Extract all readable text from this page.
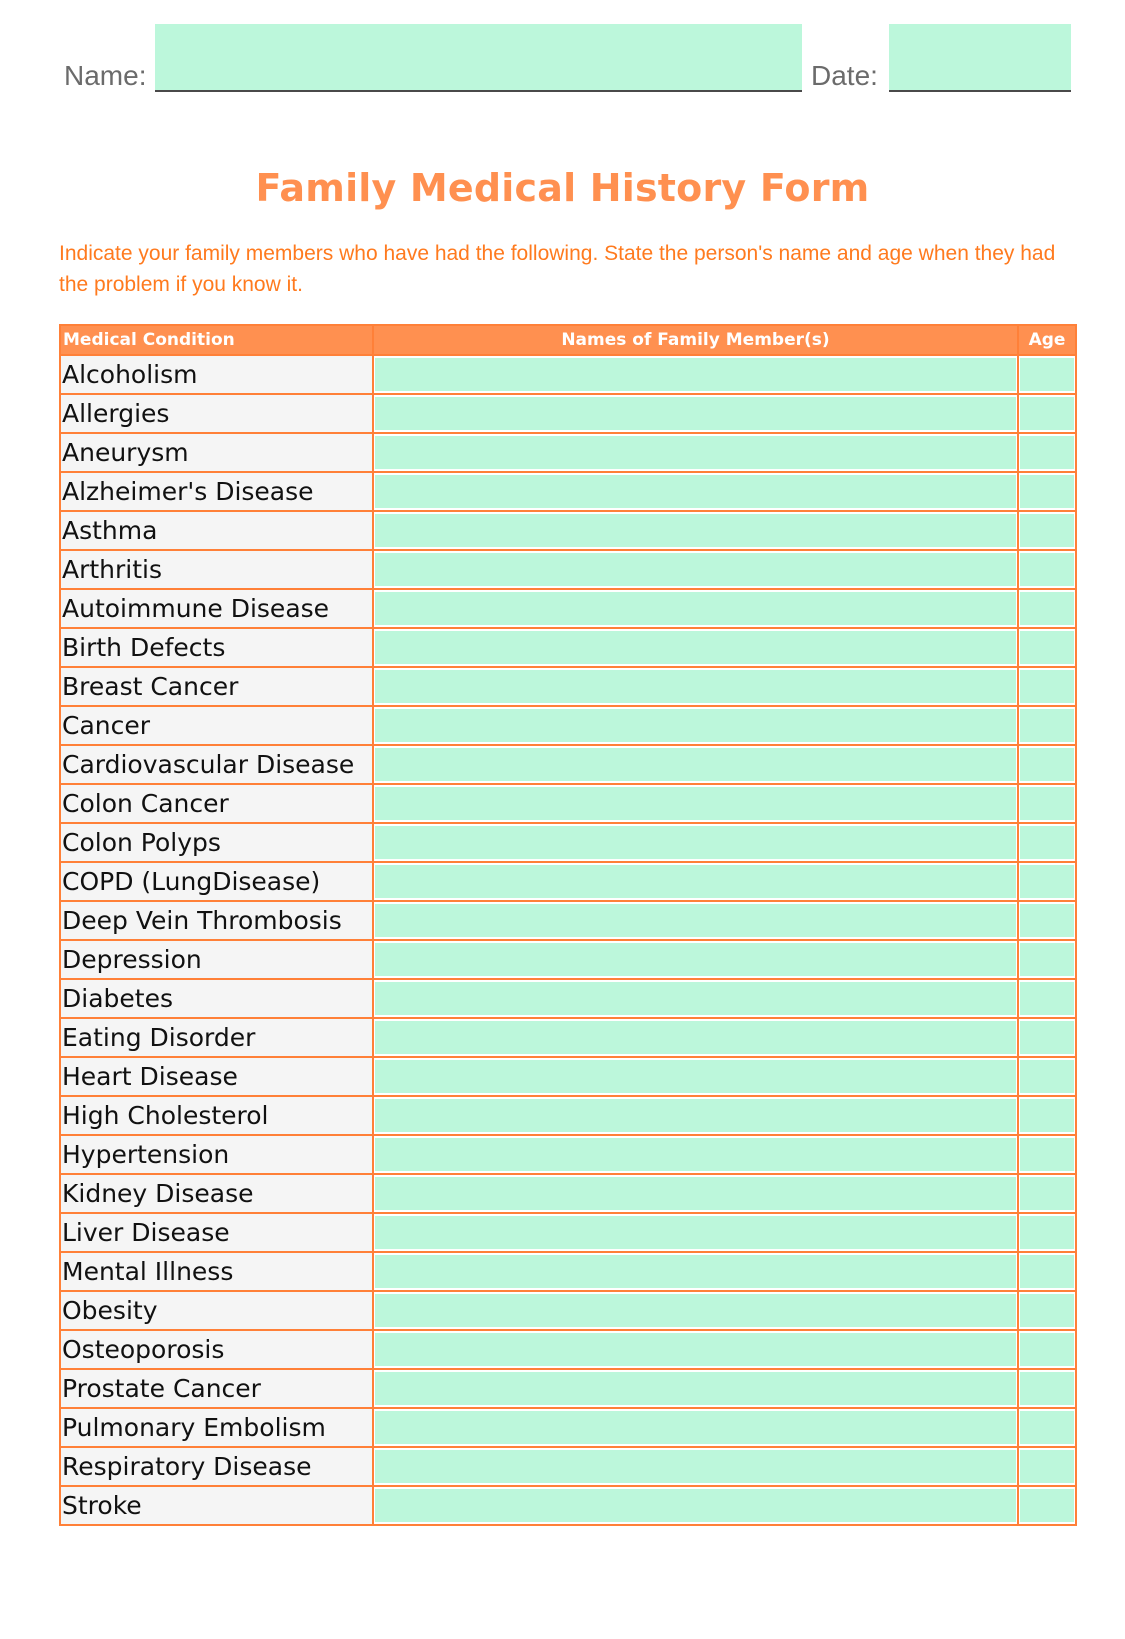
Name:	Date:
Family Medical History Form

Indicate your family members who have had the following. State the person's name and age when they had the problem if you know it.

Medical Condition	Names of Family Member(s)	Age
Alcoholism	

Allergies	

Aneurysm	

Alzheimer's Disease	

Asthma	

Arthritis	

Autoimmune Disease	

Birth Defects	

Breast Cancer	

Cancer	

Cardiovascular Disease	

Colon Cancer	

Colon Polyps	

COPD (LungDisease)	

Deep Vein Thrombosis	

Depression	

Diabetes	

Eating Disorder	

Heart Disease	

High Cholesterol	

Hypertension	

Kidney Disease	

Liver Disease	

Mental Illness	

Obesity	

Osteoporosis	

Prostate Cancer	

Pulmonary Embolism	

Respiratory Disease	

Stroke	
